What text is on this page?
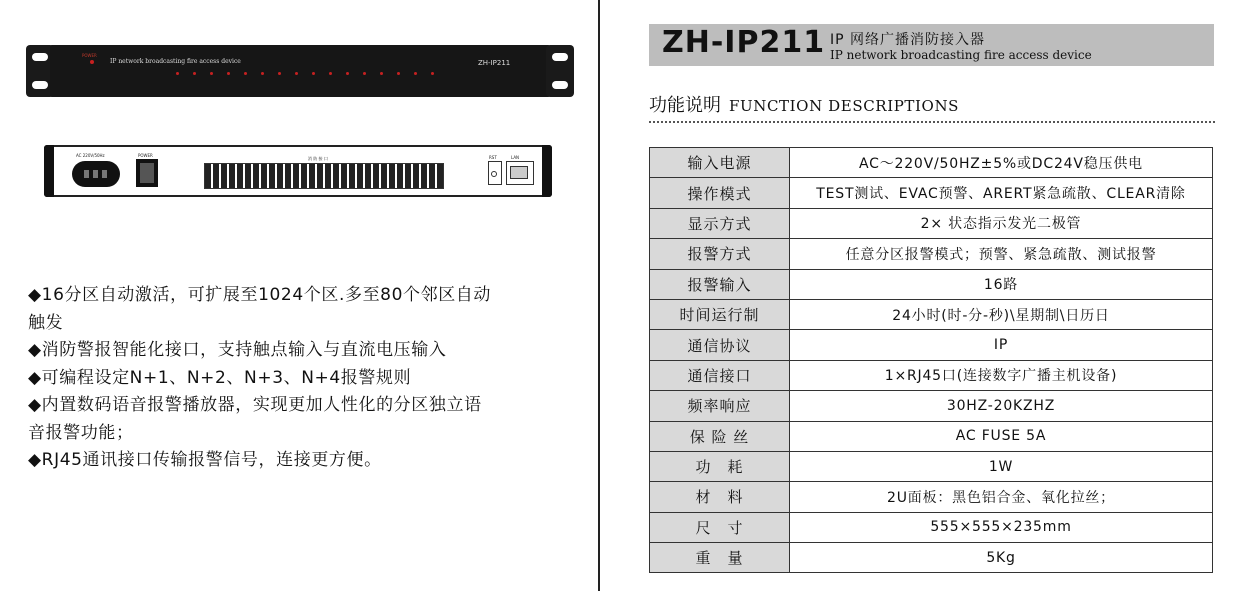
POWER
IP network broadcasting fire access device	ZH-IP211
AC 220V/50Hz	POWER
消 防 接 口	RST	LAN
◆16分区自动激活，可扩展至1024个区.多至80个邻区自动
触发
◆消防警报智能化接口，支持触点输入与直流电压输入
◆可编程设定N+1、N+2、N+3、N+4报警规则
◆内置数码语音报警播放器，实现更加人性化的分区独立语
音报警功能；
◆RJ45通讯接口传输报警信号，连接更方便。
ZH-IP211 IP 网络广播消防接入器
IP network broadcasting fire access device
功能说明 FUNCTION DESCRIPTIONS
输入电源	AC～220V/50HZ±5%或DC24V稳压供电
操作模式	TEST测试、EVAC预警、ARERT紧急疏散、CLEAR清除
显示方式	2× 状态指示发光二极管
报警方式	任意分区报警模式；预警、紧急疏散、测试报警
报警输入	16路
时间运行制	24小时(时-分-秒)\星期制\日历日
通信协议	IP
通信接口	1×RJ45口(连接数字广播主机设备)
频率响应	30HZ-20KZHZ
保 险 丝	AC FUSE 5A
功　耗	1W
材　料	2U面板：黑色铝合金、氧化拉丝；
尺　寸	555×555×235mm
重　量	5Kg
